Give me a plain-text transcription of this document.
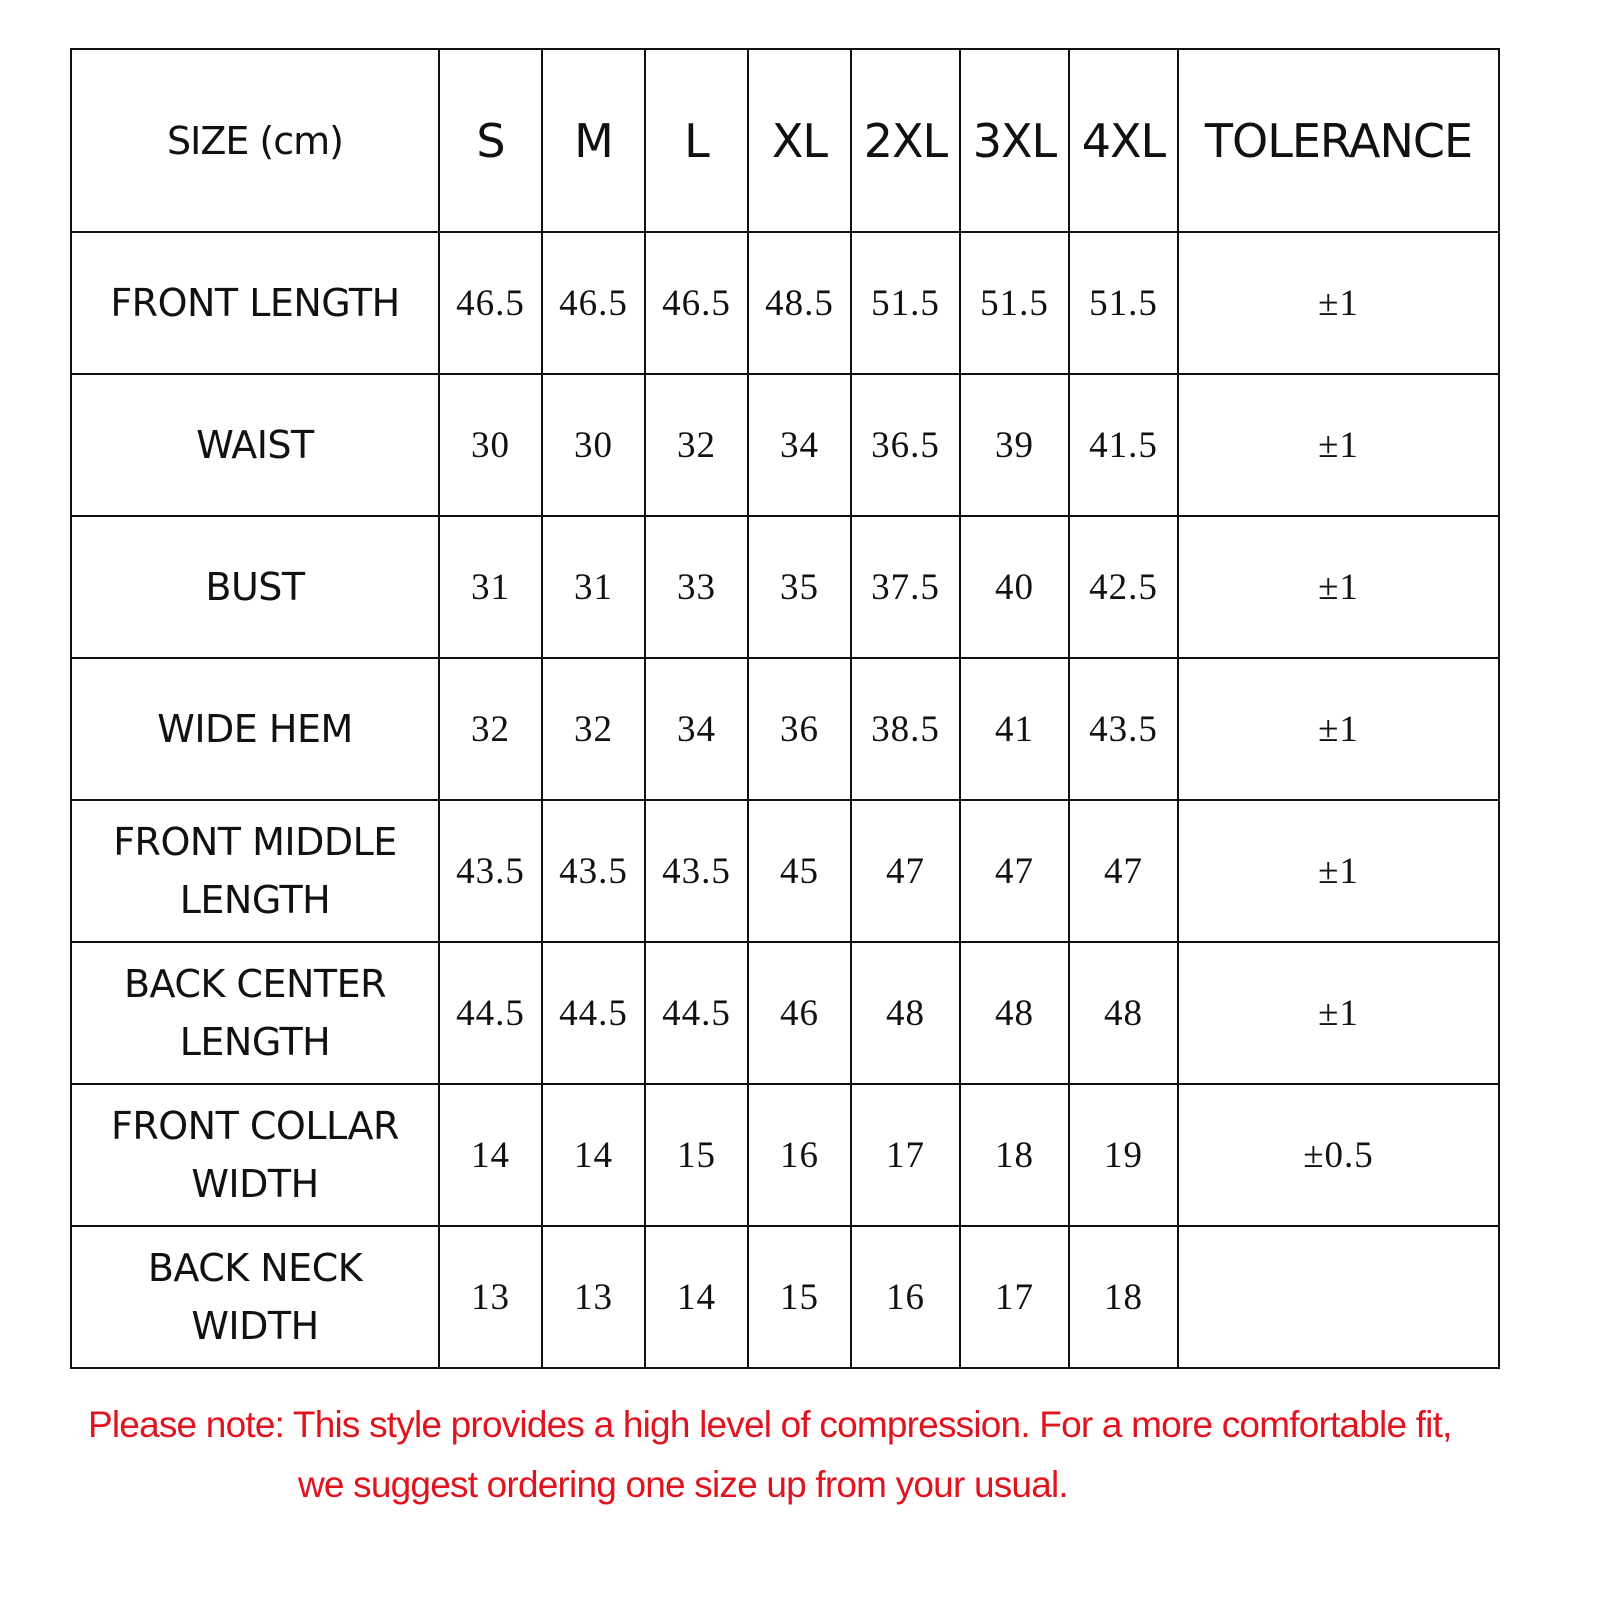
SIZE (cm)	S	M	L	XL	2XL	3XL	4XL	TOLERANCE

FRONT LENGTH	46.5	46.5	46.5	48.5	51.5	51.5	51.5	±1

WAIST	30	30	32	34	36.5	39	41.5	±1

BUST	31	31	33	35	37.5	40	42.5	±1

WIDE HEM	32	32	34	36	38.5	41	43.5	±1

FRONT MIDDLE
LENGTH	43.5	43.5	43.5	45	47	47	47	±1

BACK CENTER
LENGTH	44.5	44.5	44.5	46	48	48	48	±1

FRONT COLLAR
WIDTH	14	14	15	16	17	18	19	±0.5

BACK NECK
WIDTH	13	13	14	15	16	17	18	
Please note: This style provides a high level of compression. For a more comfortable fit,
we suggest ordering one size up from your usual.
